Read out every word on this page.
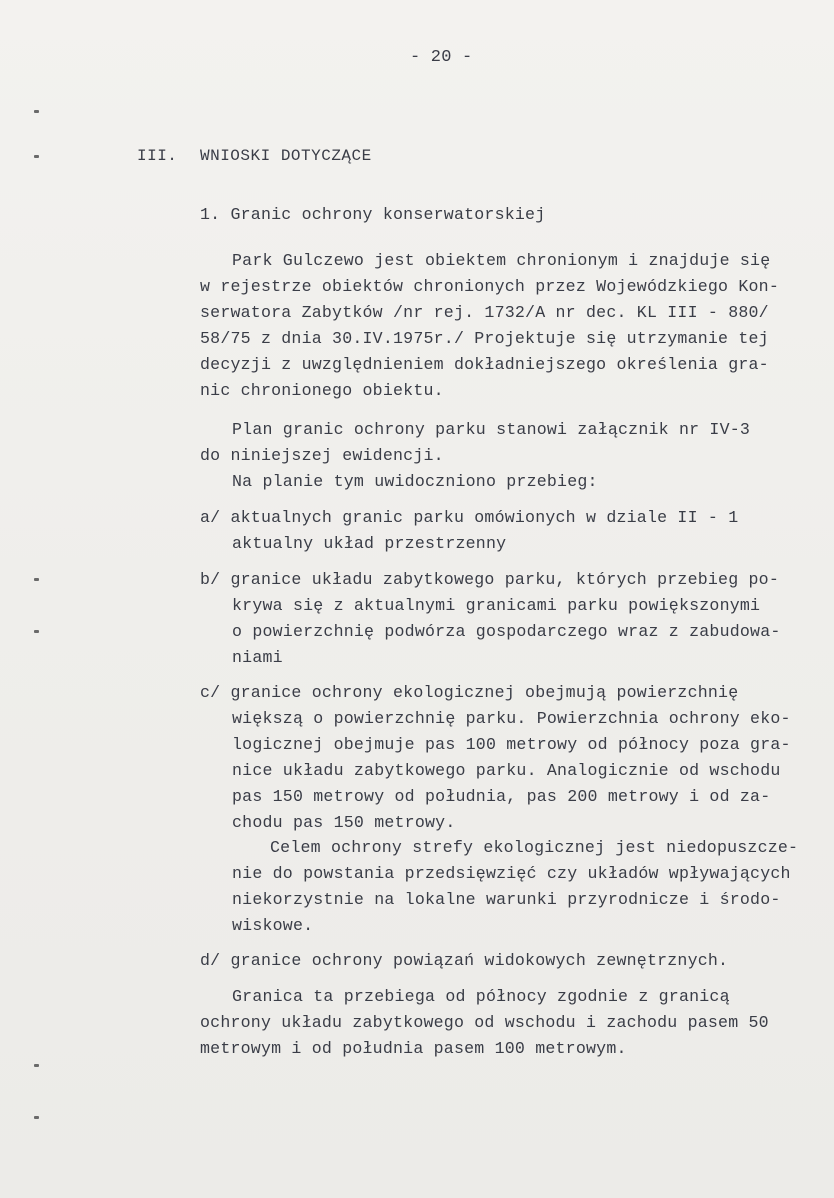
- 20 -
III. WNIOSKI DOTYCZĄCE
1. Granic ochrony konserwatorskiej
Park Gulczewo jest obiektem chronionym i znajduje się
w rejestrze obiektów chronionych przez Wojewódzkiego Kon-
serwatora Zabytków /nr rej. 1732/A nr dec. KL III - 880/
58/75 z dnia 30.IV.1975r./ Projektuje się utrzymanie tej
decyzji z uwzględnieniem dokładniejszego określenia gra-
nic chronionego obiektu.
Plan granic ochrony parku stanowi załącznik nr IV-3
do niniejszej ewidencji.
Na planie tym uwidoczniono przebieg:
a/ aktualnych granic parku omówionych w dziale II - 1
aktualny układ przestrzenny
b/ granice układu zabytkowego parku, których przebieg po-
krywa się z aktualnymi granicami parku powiększonymi
o powierzchnię podwórza gospodarczego wraz z zabudowa-
niami
c/ granice ochrony ekologicznej obejmują powierzchnię
większą o powierzchnię parku. Powierzchnia ochrony eko-
logicznej obejmuje pas 100 metrowy od północy poza gra-
nice układu zabytkowego parku. Analogicznie od wschodu
pas 150 metrowy od południa, pas 200 metrowy i od za-
chodu pas 150 metrowy.
Celem ochrony strefy ekologicznej jest niedopuszcze-
nie do powstania przedsięwzięć czy układów wpływających
niekorzystnie na lokalne warunki przyrodnicze i środo-
wiskowe.
d/ granice ochrony powiązań widokowych zewnętrznych.
Granica ta przebiega od północy zgodnie z granicą
ochrony układu zabytkowego od wschodu i zachodu pasem 50
metrowym i od południa pasem 100 metrowym.
